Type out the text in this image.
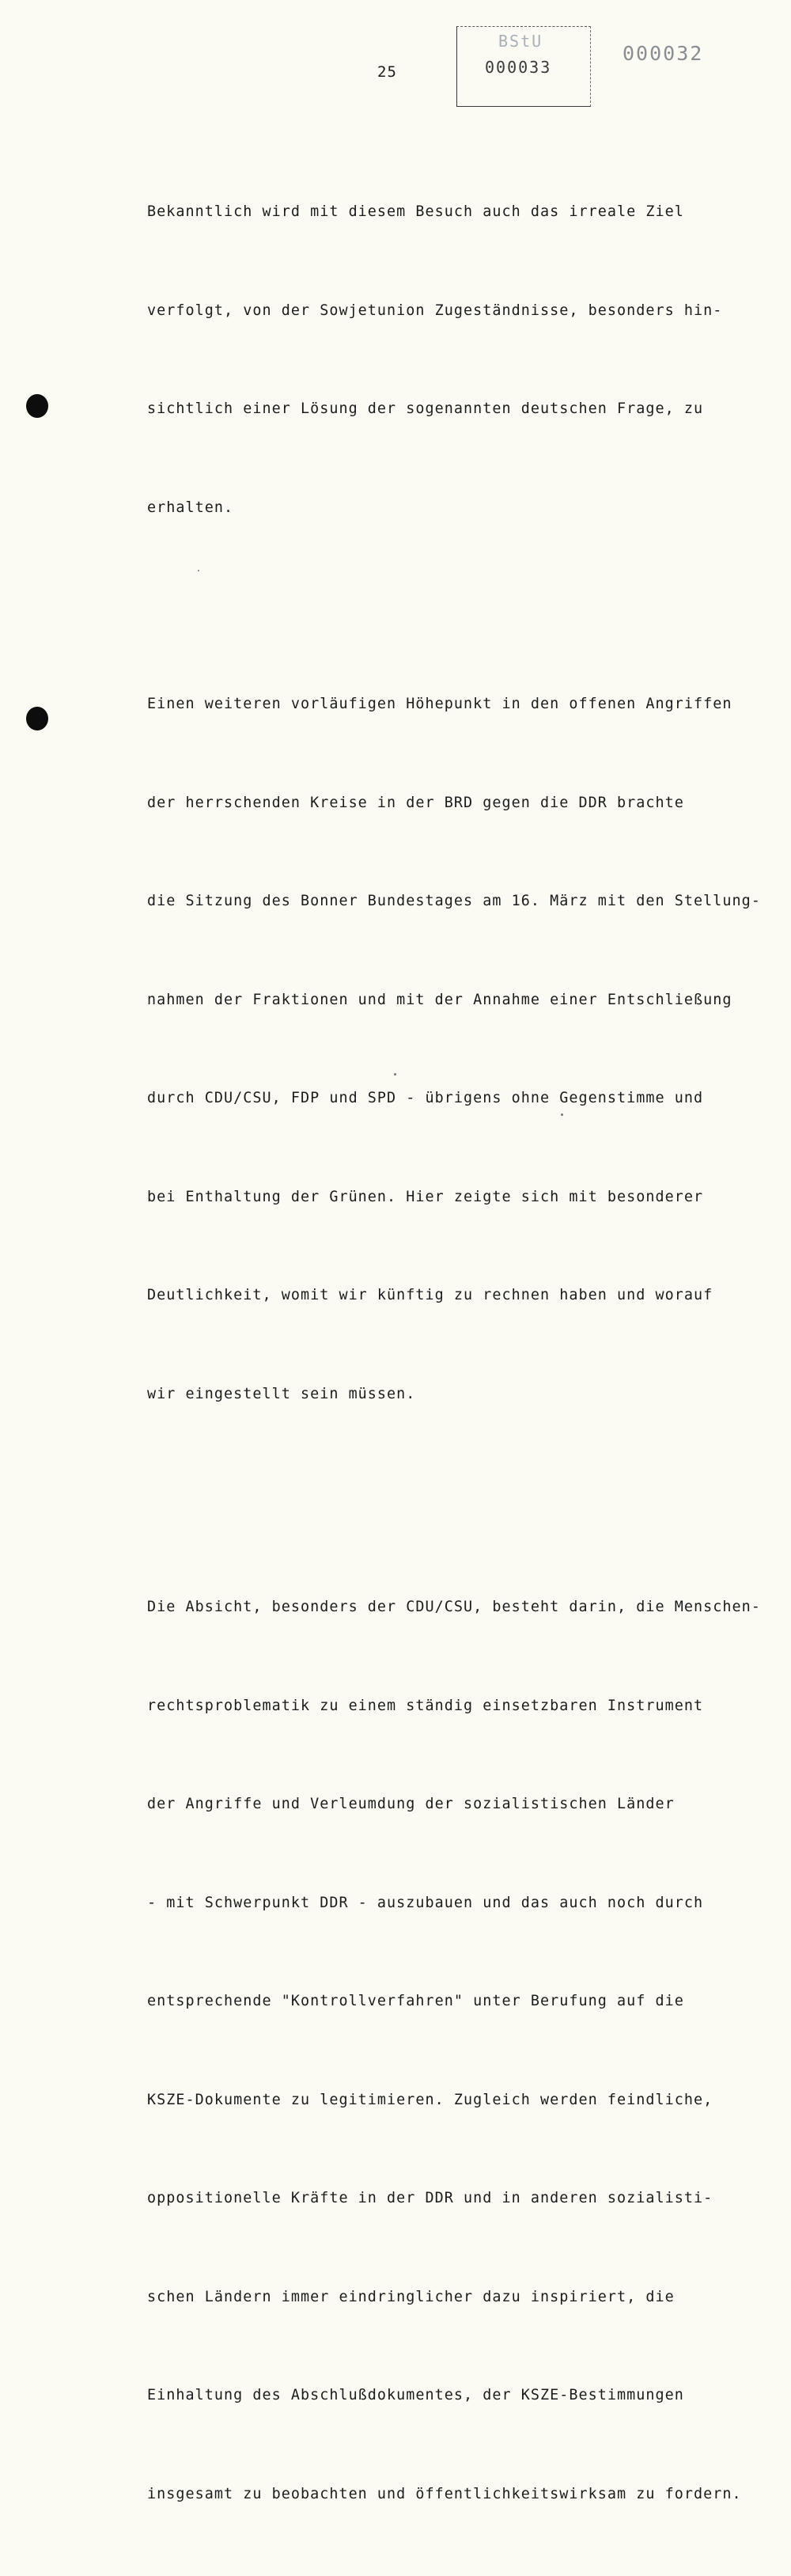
25
BStU
000033
000032

Bekanntlich wird mit diesem Besuch auch das irreale Ziel

verfolgt, von der Sowjetunion Zugeständnisse, besonders hin-

sichtlich einer Lösung der sogenannten deutschen Frage, zu

erhalten.

Einen weiteren vorläufigen Höhepunkt in den offenen Angriffen

der herrschenden Kreise in der BRD gegen die DDR brachte

die Sitzung des Bonner Bundestages am 16. März mit den Stellung-

nahmen der Fraktionen und mit der Annahme einer Entschließung

durch CDU/CSU, FDP und SPD - übrigens ohne Gegenstimme und

bei Enthaltung der Grünen. Hier zeigte sich mit besonderer

Deutlichkeit, womit wir künftig zu rechnen haben und worauf

wir eingestellt sein müssen.

Die Absicht, besonders der CDU/CSU, besteht darin, die Menschen-

rechtsproblematik zu einem ständig einsetzbaren Instrument

der Angriffe und Verleumdung der sozialistischen Länder

- mit Schwerpunkt DDR - auszubauen und das auch noch durch

entsprechende "Kontrollverfahren" unter Berufung auf die

KSZE-Dokumente zu legitimieren. Zugleich werden feindliche,

oppositionelle Kräfte in der DDR und in anderen sozialisti-

schen Ländern immer eindringlicher dazu inspiriert, die

Einhaltung des Abschlußdokumentes, der KSZE-Bestimmungen

insgesamt zu beobachten und öffentlichkeitswirksam zu fordern.
